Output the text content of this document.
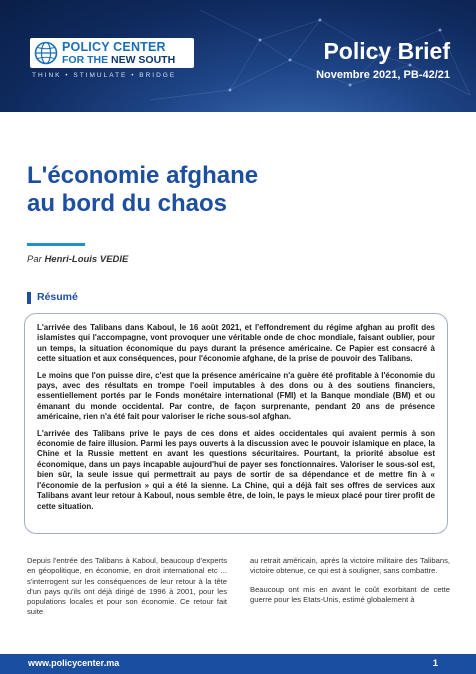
POLICY CENTER
FOR THE NEW SOUTH
THINK • STIMULATE • BRIDGE
Policy Brief
Novembre 2021, PB-42/21
L'économie afghane
au bord du chaos
Par Henri-Louis VEDIE
Résumé

L'arrivée des Talibans dans Kaboul, le 16 août 2021, et l'effondrement du régime afghan au profit des islamistes qui l'accompagne, vont provoquer une véritable onde de choc mondiale, faisant oublier, pour un temps, la situation économique du pays durant la présence américaine. Ce Papier est consacré à cette situation et aux conséquences, pour l'économie afghane, de la prise de pouvoir des Talibans.

Le moins que l'on puisse dire, c'est que la présence américaine n'a guère été profitable à l'économie du pays, avec des résultats en trompe l'oeil imputables à des dons ou à des soutiens financiers, essentiellement portés par le Fonds monétaire international (FMI) et la Banque mondiale (BM) et ou émanant du monde occidental. Par contre, de façon surprenante, pendant 20 ans de présence américaine, rien n'a été fait pour valoriser le riche sous-sol afghan.

L'arrivée des Talibans prive le pays de ces dons et aides occidentales qui avaient permis à son économie de faire illusion. Parmi les pays ouverts à la discussion avec le pouvoir islamique en place, la Chine et la Russie mettent en avant les questions sécuritaires. Pourtant, la priorité absolue est économique, dans un pays incapable aujourd'hui de payer ses fonctionnaires. Valoriser le sous-sol est, bien sûr, la seule issue qui permettrait au pays de sortir de sa dépendance et de mettre fin à « l'économie de la perfusion » qui a été la sienne. La Chine, qui a déjà fait ses offres de services aux Talibans avant leur retour à Kaboul, nous semble être, de loin, le pays le mieux placé pour tirer profit de cette situation.

Depuis l'entrée des Talibans à Kaboul, beaucoup d'experts en géopolitique, en économie, en droit international etc ... s'interrogent sur les conséquences de leur retour à la tête d'un pays qu'ils ont déjà dirigé de 1996 à 2001, pour les populations locales et pour son économie. Ce retour fait suite

au retrait américain, après la victoire militaire des Talibans, victoire obtenue, ce qui est à souligner, sans combattre.

Beaucoup ont mis en avant le coût exorbitant de cette guerre pour les Etats-Unis, estimé globalement à

www.policycenter.ma	1
